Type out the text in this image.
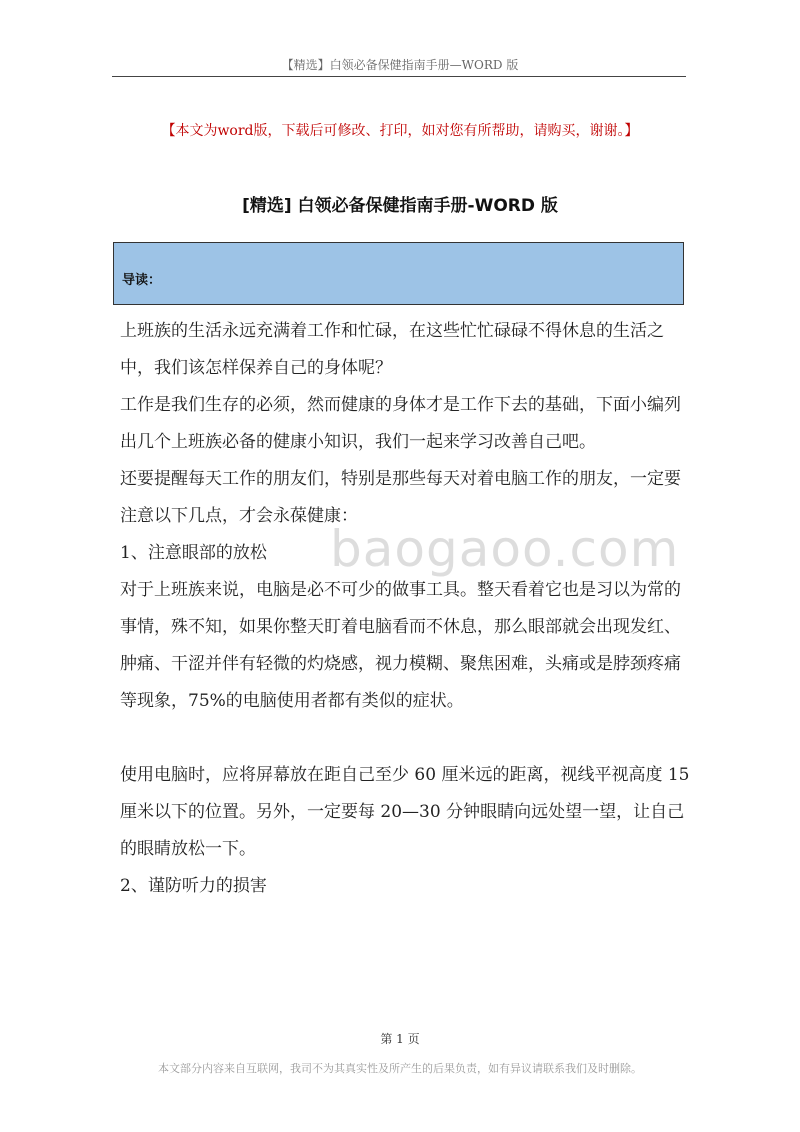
【精选】白领必备保健指南手册—WORD 版
【本文为word版，下载后可修改、打印，如对您有所帮助，请购买，谢谢。】
[精选] 白领必备保健指南手册-WORD 版
导读：
baogaoo.com

上班族的生活永远充满着工作和忙碌，在这些忙忙碌碌不得休息的生活之中，我们该怎样保养自己的身体呢？

工作是我们生存的必须，然而健康的身体才是工作下去的基础，下面小编列出几个上班族必备的健康小知识，我们一起来学习改善自己吧。

还要提醒每天工作的朋友们，特别是那些每天对着电脑工作的朋友，一定要注意以下几点，才会永葆健康：

1、注意眼部的放松

对于上班族来说，电脑是必不可少的做事工具。整天看着它也是习以为常的事情，殊不知，如果你整天盯着电脑看而不休息，那么眼部就会出现发红、肿痛、干涩并伴有轻微的灼烧感，视力模糊、聚焦困难，头痛或是脖颈疼痛等现象，75%的电脑使用者都有类似的症状。

使用电脑时，应将屏幕放在距自己至少 60 厘米远的距离，视线平视高度 15 厘米以下的位置。另外，一定要每 20—30 分钟眼睛向远处望一望，让自己的眼睛放松一下。

2、谨防听力的损害

第 1 页
本文部分内容来自互联网，我司不为其真实性及所产生的后果负责，如有异议请联系我们及时删除。
